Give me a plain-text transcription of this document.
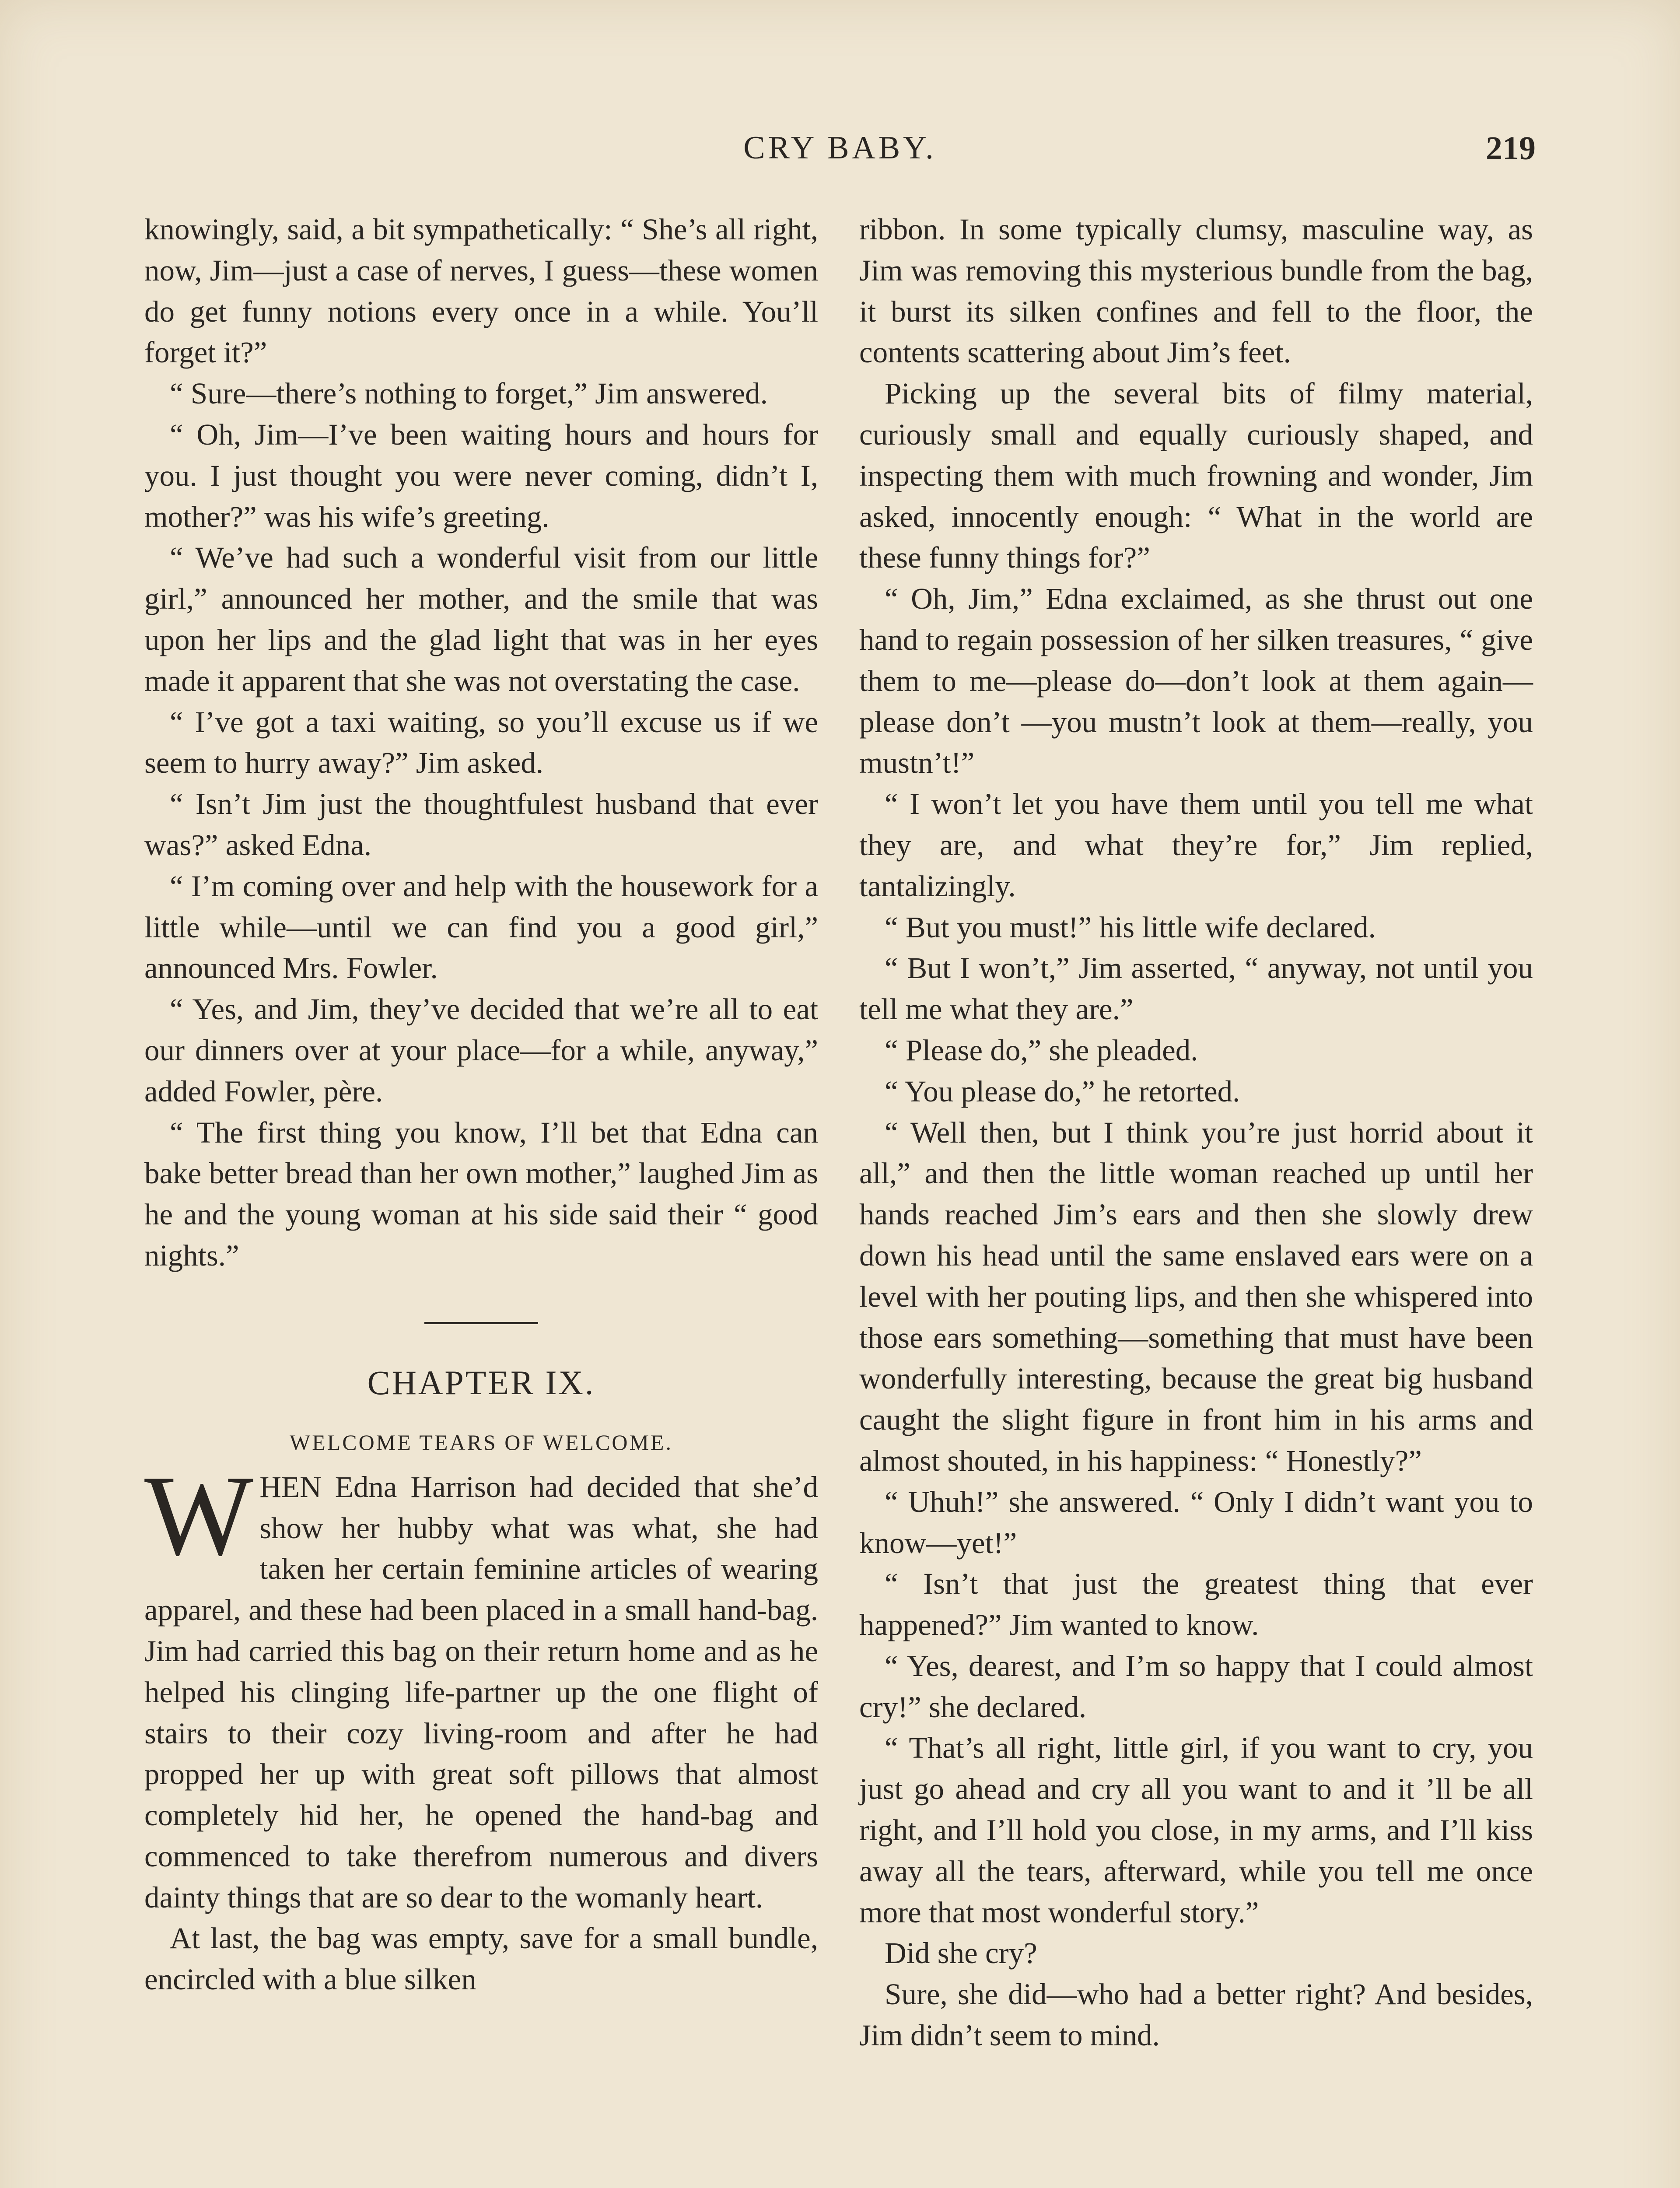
CRY BABY.	219

knowingly, said, a bit sympathetically: “ She’s all right, now, Jim—just a case of nerves, I guess—these women do get funny notions every once in a while. You’ll forget it?”

“ Sure—there’s nothing to forget,” Jim answered.

“ Oh, Jim—I’ve been waiting hours and hours for you. I just thought you were never coming, didn’t I, mother?” was his wife’s greeting.

“ We’ve had such a wonderful visit from our little girl,” announced her mother, and the smile that was upon her lips and the glad light that was in her eyes made it apparent that she was not overstating the case.

“ I’ve got a taxi waiting, so you’ll excuse us if we seem to hurry away?” Jim asked.

“ Isn’t Jim just the thoughtfulest husband that ever was?” asked Edna.

“ I’m coming over and help with the housework for a little while—until we can find you a good girl,” announced Mrs. Fowler.

“ Yes, and Jim, they’ve decided that we’re all to eat our dinners over at your place—for a while, anyway,” added Fowler, père.

“ The first thing you know, I’ll bet that Edna can bake better bread than her own mother,” laughed Jim as he and the young woman at his side said their “ good nights.”

CHAPTER IX.
WELCOME TEARS OF WELCOME.

WHEN Edna Harrison had decided that she’d show her hubby what was what, she had taken her certain feminine articles of wearing apparel, and these had been placed in a small hand-bag. Jim had carried this bag on their return home and as he helped his clinging life-partner up the one flight of stairs to their cozy living-room and after he had propped her up with great soft pillows that almost completely hid her, he opened the hand-bag and commenced to take therefrom numerous and divers dainty things that are so dear to the womanly heart.

At last, the bag was empty, save for a small bundle, encircled with a blue silken

ribbon. In some typically clumsy, masculine way, as Jim was removing this mysterious bundle from the bag, it burst its silken confines and fell to the floor, the contents scattering about Jim’s feet.

Picking up the several bits of filmy material, curiously small and equally curiously shaped, and inspecting them with much frowning and wonder, Jim asked, innocently enough: “ What in the world are these funny things for?”

“ Oh, Jim,” Edna exclaimed, as she thrust out one hand to regain possession of her silken treasures, “ give them to me—please do—don’t look at them again—please don’t —you mustn’t look at them—really, you mustn’t!”

“ I won’t let you have them until you tell me what they are, and what they’re for,” Jim replied, tantalizingly.

“ But you must!” his little wife declared.

“ But I won’t,” Jim asserted, “ anyway, not until you tell me what they are.”

“ Please do,” she pleaded.

“ You please do,” he retorted.

“ Well then, but I think you’re just horrid about it all,” and then the little woman reached up until her hands reached Jim’s ears and then she slowly drew down his head until the same enslaved ears were on a level with her pouting lips, and then she whispered into those ears something—something that must have been wonderfully interesting, because the great big husband caught the slight figure in front him in his arms and almost shouted, in his happiness: “ Honestly?”

“ Uhuh!” she answered. “ Only I didn’t want you to know—yet!”

“ Isn’t that just the greatest thing that ever happened?” Jim wanted to know.

“ Yes, dearest, and I’m so happy that I could almost cry!” she declared.

“ That’s all right, little girl, if you want to cry, you just go ahead and cry all you want to and it ’ll be all right, and I’ll hold you close, in my arms, and I’ll kiss away all the tears, afterward, while you tell me once more that most wonderful story.”

Did she cry?

Sure, she did—who had a better right? And besides, Jim didn’t seem to mind.
